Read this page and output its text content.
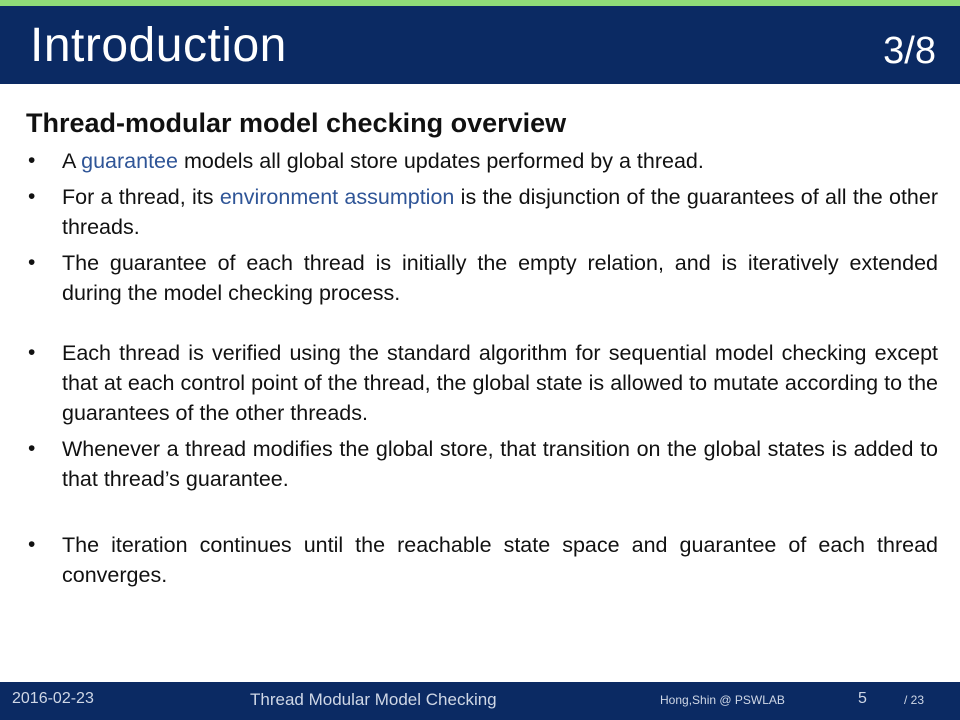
Introduction	3/8
Thread-modular model checking overview
• A guarantee models all global store updates performed by a thread.
• For a thread, its environment assumption is the disjunction of the guarantees of all the other threads.
• The guarantee of each thread is initially the empty relation, and is iteratively extended during the model checking process.
• Each thread is verified using the standard algorithm for sequential model checking except that at each control point of the thread, the global state is allowed to mutate according to the guarantees of the other threads.
• Whenever a thread modifies the global store, that transition on the global states is added to that thread’s guarantee.
• The iteration continues until the reachable state space and guarantee of each thread converges.
2016-02-23	Thread Modular Model Checking	Hong,Shin @ PSWLAB	5	/ 23
